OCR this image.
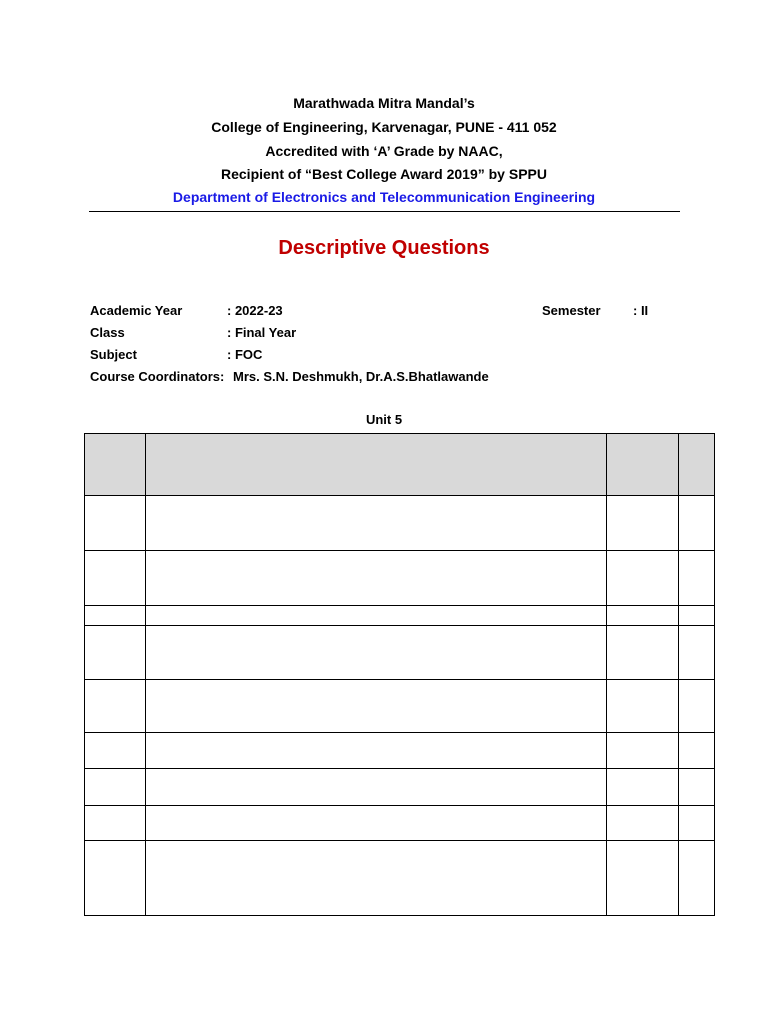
Marathwada Mitra Mandal’s
College of Engineering, Karvenagar, PUNE - 411 052
Accredited with ‘A’ Grade by NAAC,
Recipient of “Best College Award 2019” by SPPU
Department of Electronics and Telecommunication Engineering
Descriptive Questions
Academic Year	: 2022-23	Semester : II
Class	: Final Year
Subject	: FOC
Course Coordinators: Mrs. S.N. Deshmukh, Dr.A.S.Bhatlawande
Unit 5
